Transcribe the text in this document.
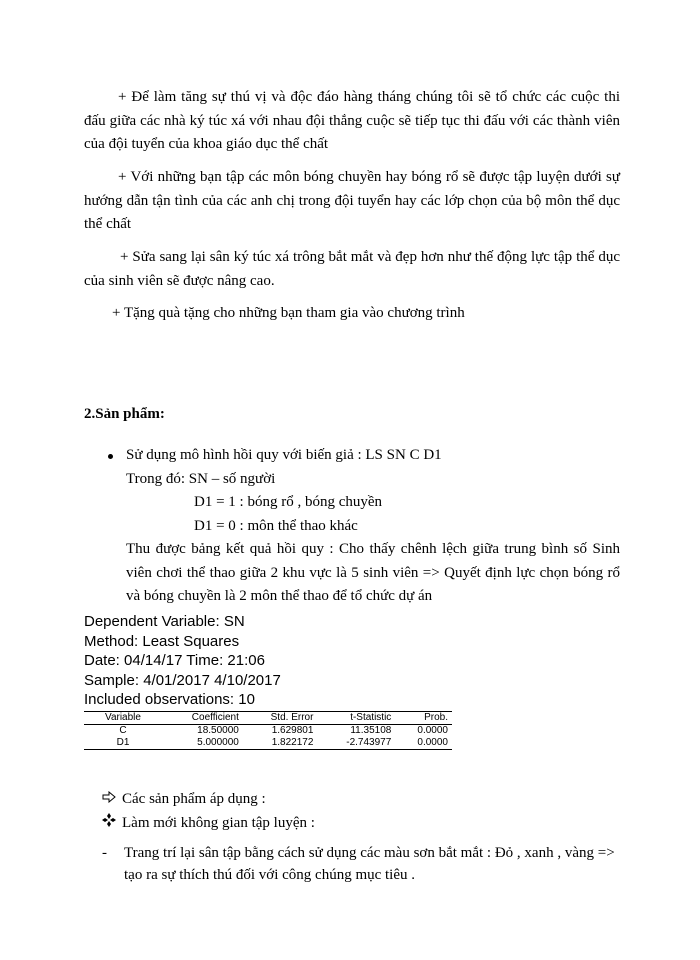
+ Để làm tăng sự thú vị và độc đáo hàng tháng chúng tôi sẽ tổ chức các cuộc thi đấu giữa các nhà ký túc xá với nhau đội thắng cuộc sẽ tiếp tục thi đấu với các thành viên của đội tuyển của khoa giáo dục thể chất

+ Với những bạn tập các môn bóng chuyền hay bóng rổ sẽ được tập luyện dưới sự hướng dẫn tận tình của các anh chị trong đội tuyển hay các lớp chọn của bộ môn thể dục thể chất

+ Sửa sang lại sân ký túc xá trông bắt mắt và đẹp hơn như thế động lực tập thể dục của sinh viên sẽ được nâng cao.

+ Tặng quà tặng cho những bạn tham gia vào chương trình

2.Sản phẩm:

Sử dụng mô hình hồi quy với biến giả : LS SN C D1
Trong đó: SN – số người
D1 = 1 : bóng rổ , bóng chuyền
D1 = 0 : môn thể thao khác
Thu được bảng kết quả hồi quy : Cho thấy chênh lệch giữa trung bình số Sinh viên chơi thể thao giữa 2 khu vực là 5 sinh viên => Quyết định lực chọn bóng rổ và bóng chuyền là 2 môn thể thao để tổ chức dự án

Dependent Variable: SN

Method: Least Squares

Date: 04/14/17 Time: 21:06

Sample: 4/01/2017 4/10/2017

Included observations: 10

Variable	Coefficient	Std. Error	t-Statistic	Prob.
C	18.50000	1.629801	11.35108	0.0000
D1	5.000000	1.822172	-2.743977	0.0000
Các sản phẩm áp dụng :
Làm mới không gian tập luyện :
- Trang trí lại sân tập bằng cách sử dụng các màu sơn bắt mắt : Đỏ , xanh , vàng => tạo ra sự thích thú đối với công chúng mục tiêu .
